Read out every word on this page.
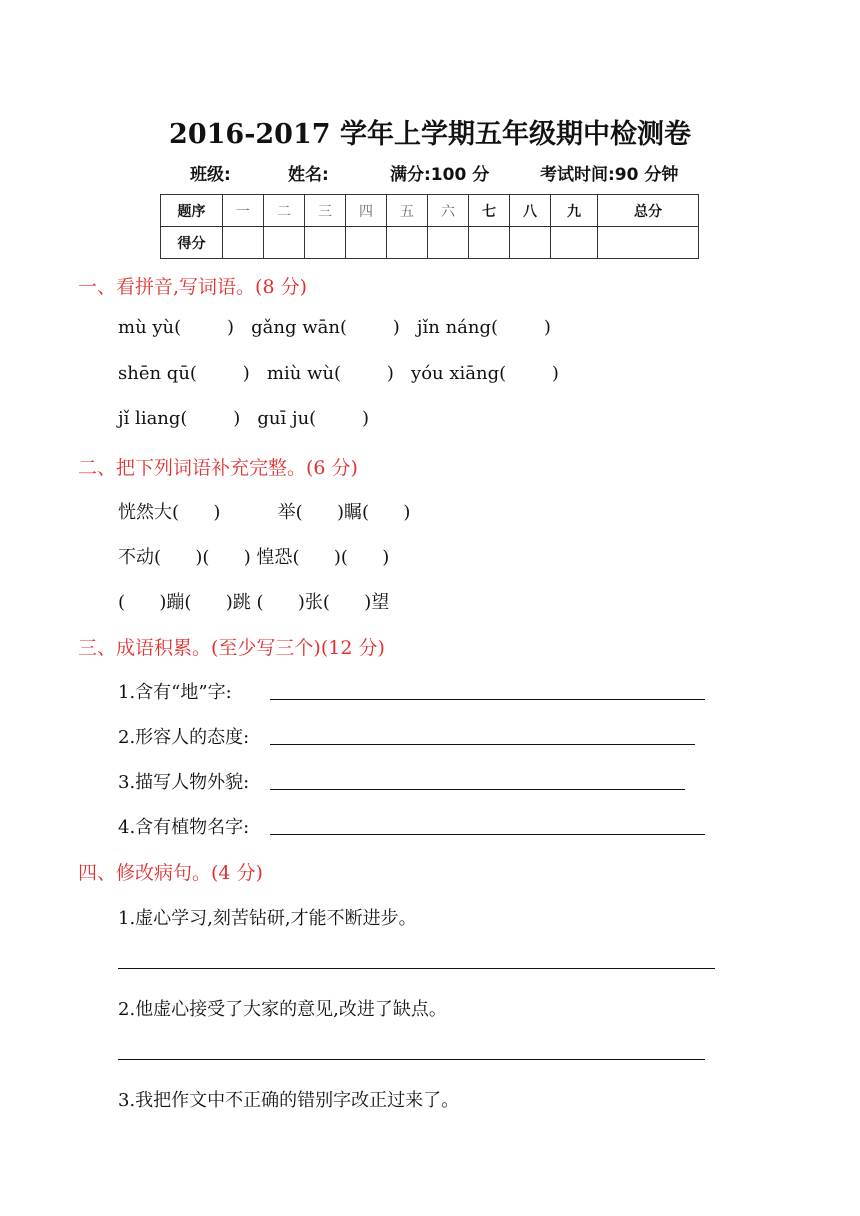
2016-2017 学年上学期五年级期中检测卷
班级:	姓名:	满分:100 分	考试时间:90 分钟
题序	一	二	三	四	五	六	七	八	九	总分
得分										
一、看拼音,写词语。(8 分)
mù yù(        )   gǎng wān(        )   jǐn náng(        )
shēn qū(        )   miù wù(        )   yóu xiāng(        )
jǐ liang(        )   guī ju(        )
二、把下列词语补充完整。(6 分)
恍然大(      )          举(      )瞩(      )
不动(      )(      ) 惶恐(      )(      )
(      )蹦(      )跳 (      )张(      )望
三、成语积累。(至少写三个)(12 分)
1.含有“地”字:
2.形容人的态度:
3.描写人物外貌:
4.含有植物名字:
四、修改病句。(4 分)
1.虚心学习,刻苦钻研,才能不断进步。
2.他虚心接受了大家的意见,改进了缺点。
3.我把作文中不正确的错别字改正过来了。
